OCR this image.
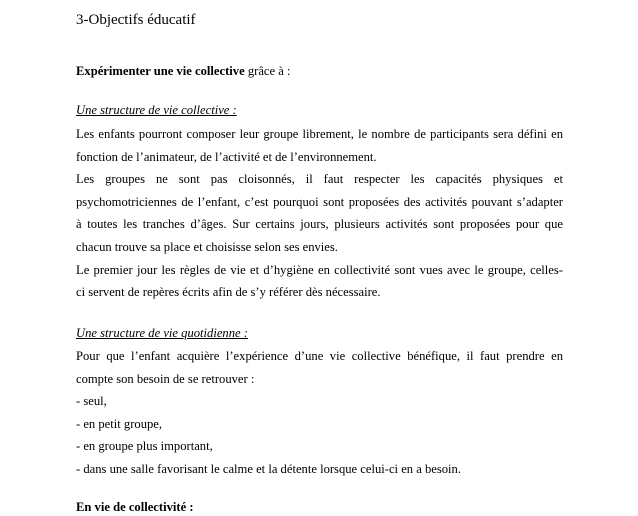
3-Objectifs éducatif
Expérimenter une vie collective grâce à :
Une structure de vie collective :
Les enfants pourront composer leur groupe librement, le nombre de participants sera défini en
fonction de l’animateur, de l’activité et de l’environnement.
Les groupes ne sont pas cloisonnés, il faut respecter les capacités physiques et
psychomotriciennes de l’enfant, c’est pourquoi sont proposées des activités pouvant s’adapter
à toutes les tranches d’âges. Sur certains jours, plusieurs activités sont proposées pour que
chacun trouve sa place et choisisse selon ses envies.
Le premier jour les règles de vie et d’hygiène en collectivité sont vues avec le groupe, celles-
ci servent de repères écrits afin de s’y référer dès nécessaire.
Une structure de vie quotidienne :
Pour que l’enfant acquière l’expérience d’une vie collective bénéfique, il faut prendre en
compte son besoin de se retrouver :
- seul,
- en petit groupe,
- en groupe plus important,
- dans une salle favorisant le calme et la détente lorsque celui-ci en a besoin.
En vie de collectivité :
